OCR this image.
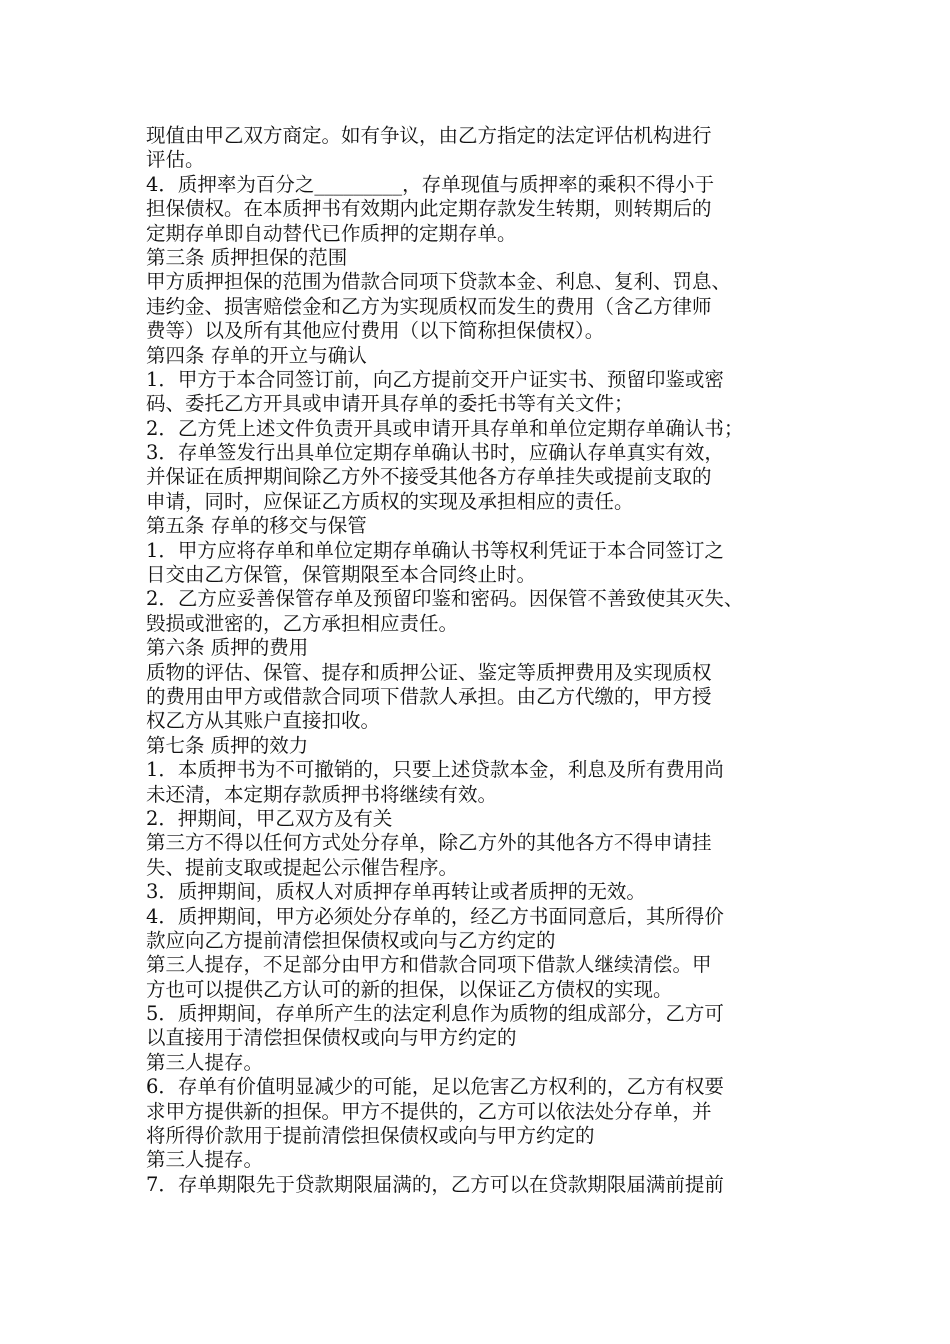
现值由甲乙双方商定。如有争议，由乙方指定的法定评估机构进行
评估。
4．质押率为百分之_________，存单现值与质押率的乘积不得小于
担保债权。在本质押书有效期内此定期存款发生转期，则转期后的
定期存单即自动替代已作质押的定期存单。
第三条 质押担保的范围
甲方质押担保的范围为借款合同项下贷款本金、利息、复利、罚息、
违约金、损害赔偿金和乙方为实现质权而发生的费用（含乙方律师
费等）以及所有其他应付费用（以下简称担保债权）。
第四条 存单的开立与确认
1．甲方于本合同签订前，向乙方提前交开户证实书、预留印鉴或密
码、委托乙方开具或申请开具存单的委托书等有关文件；
2．乙方凭上述文件负责开具或申请开具存单和单位定期存单确认书；
3．存单签发行出具单位定期存单确认书时，应确认存单真实有效，
并保证在质押期间除乙方外不接受其他各方存单挂失或提前支取的
申请，同时，应保证乙方质权的实现及承担相应的责任。
第五条 存单的移交与保管
1．甲方应将存单和单位定期存单确认书等权利凭证于本合同签订之
日交由乙方保管，保管期限至本合同终止时。
2．乙方应妥善保管存单及预留印鉴和密码。因保管不善致使其灭失、
毁损或泄密的，乙方承担相应责任。
第六条 质押的费用
质物的评估、保管、提存和质押公证、鉴定等质押费用及实现质权
的费用由甲方或借款合同项下借款人承担。由乙方代缴的，甲方授
权乙方从其账户直接扣收。
第七条 质押的效力
1．本质押书为不可撤销的，只要上述贷款本金，利息及所有费用尚
未还清，本定期存款质押书将继续有效。
2．押期间，甲乙双方及有关
第三方不得以任何方式处分存单，除乙方外的其他各方不得申请挂
失、提前支取或提起公示催告程序。
3．质押期间，质权人对质押存单再转让或者质押的无效。
4．质押期间，甲方必须处分存单的，经乙方书面同意后，其所得价
款应向乙方提前清偿担保债权或向与乙方约定的
第三人提存，不足部分由甲方和借款合同项下借款人继续清偿。甲
方也可以提供乙方认可的新的担保，以保证乙方债权的实现。
5．质押期间，存单所产生的法定利息作为质物的组成部分，乙方可
以直接用于清偿担保债权或向与甲方约定的
第三人提存。
6．存单有价值明显减少的可能，足以危害乙方权利的，乙方有权要
求甲方提供新的担保。甲方不提供的，乙方可以依法处分存单，并
将所得价款用于提前清偿担保债权或向与甲方约定的
第三人提存。
7．存单期限先于贷款期限届满的，乙方可以在贷款期限届满前提前
